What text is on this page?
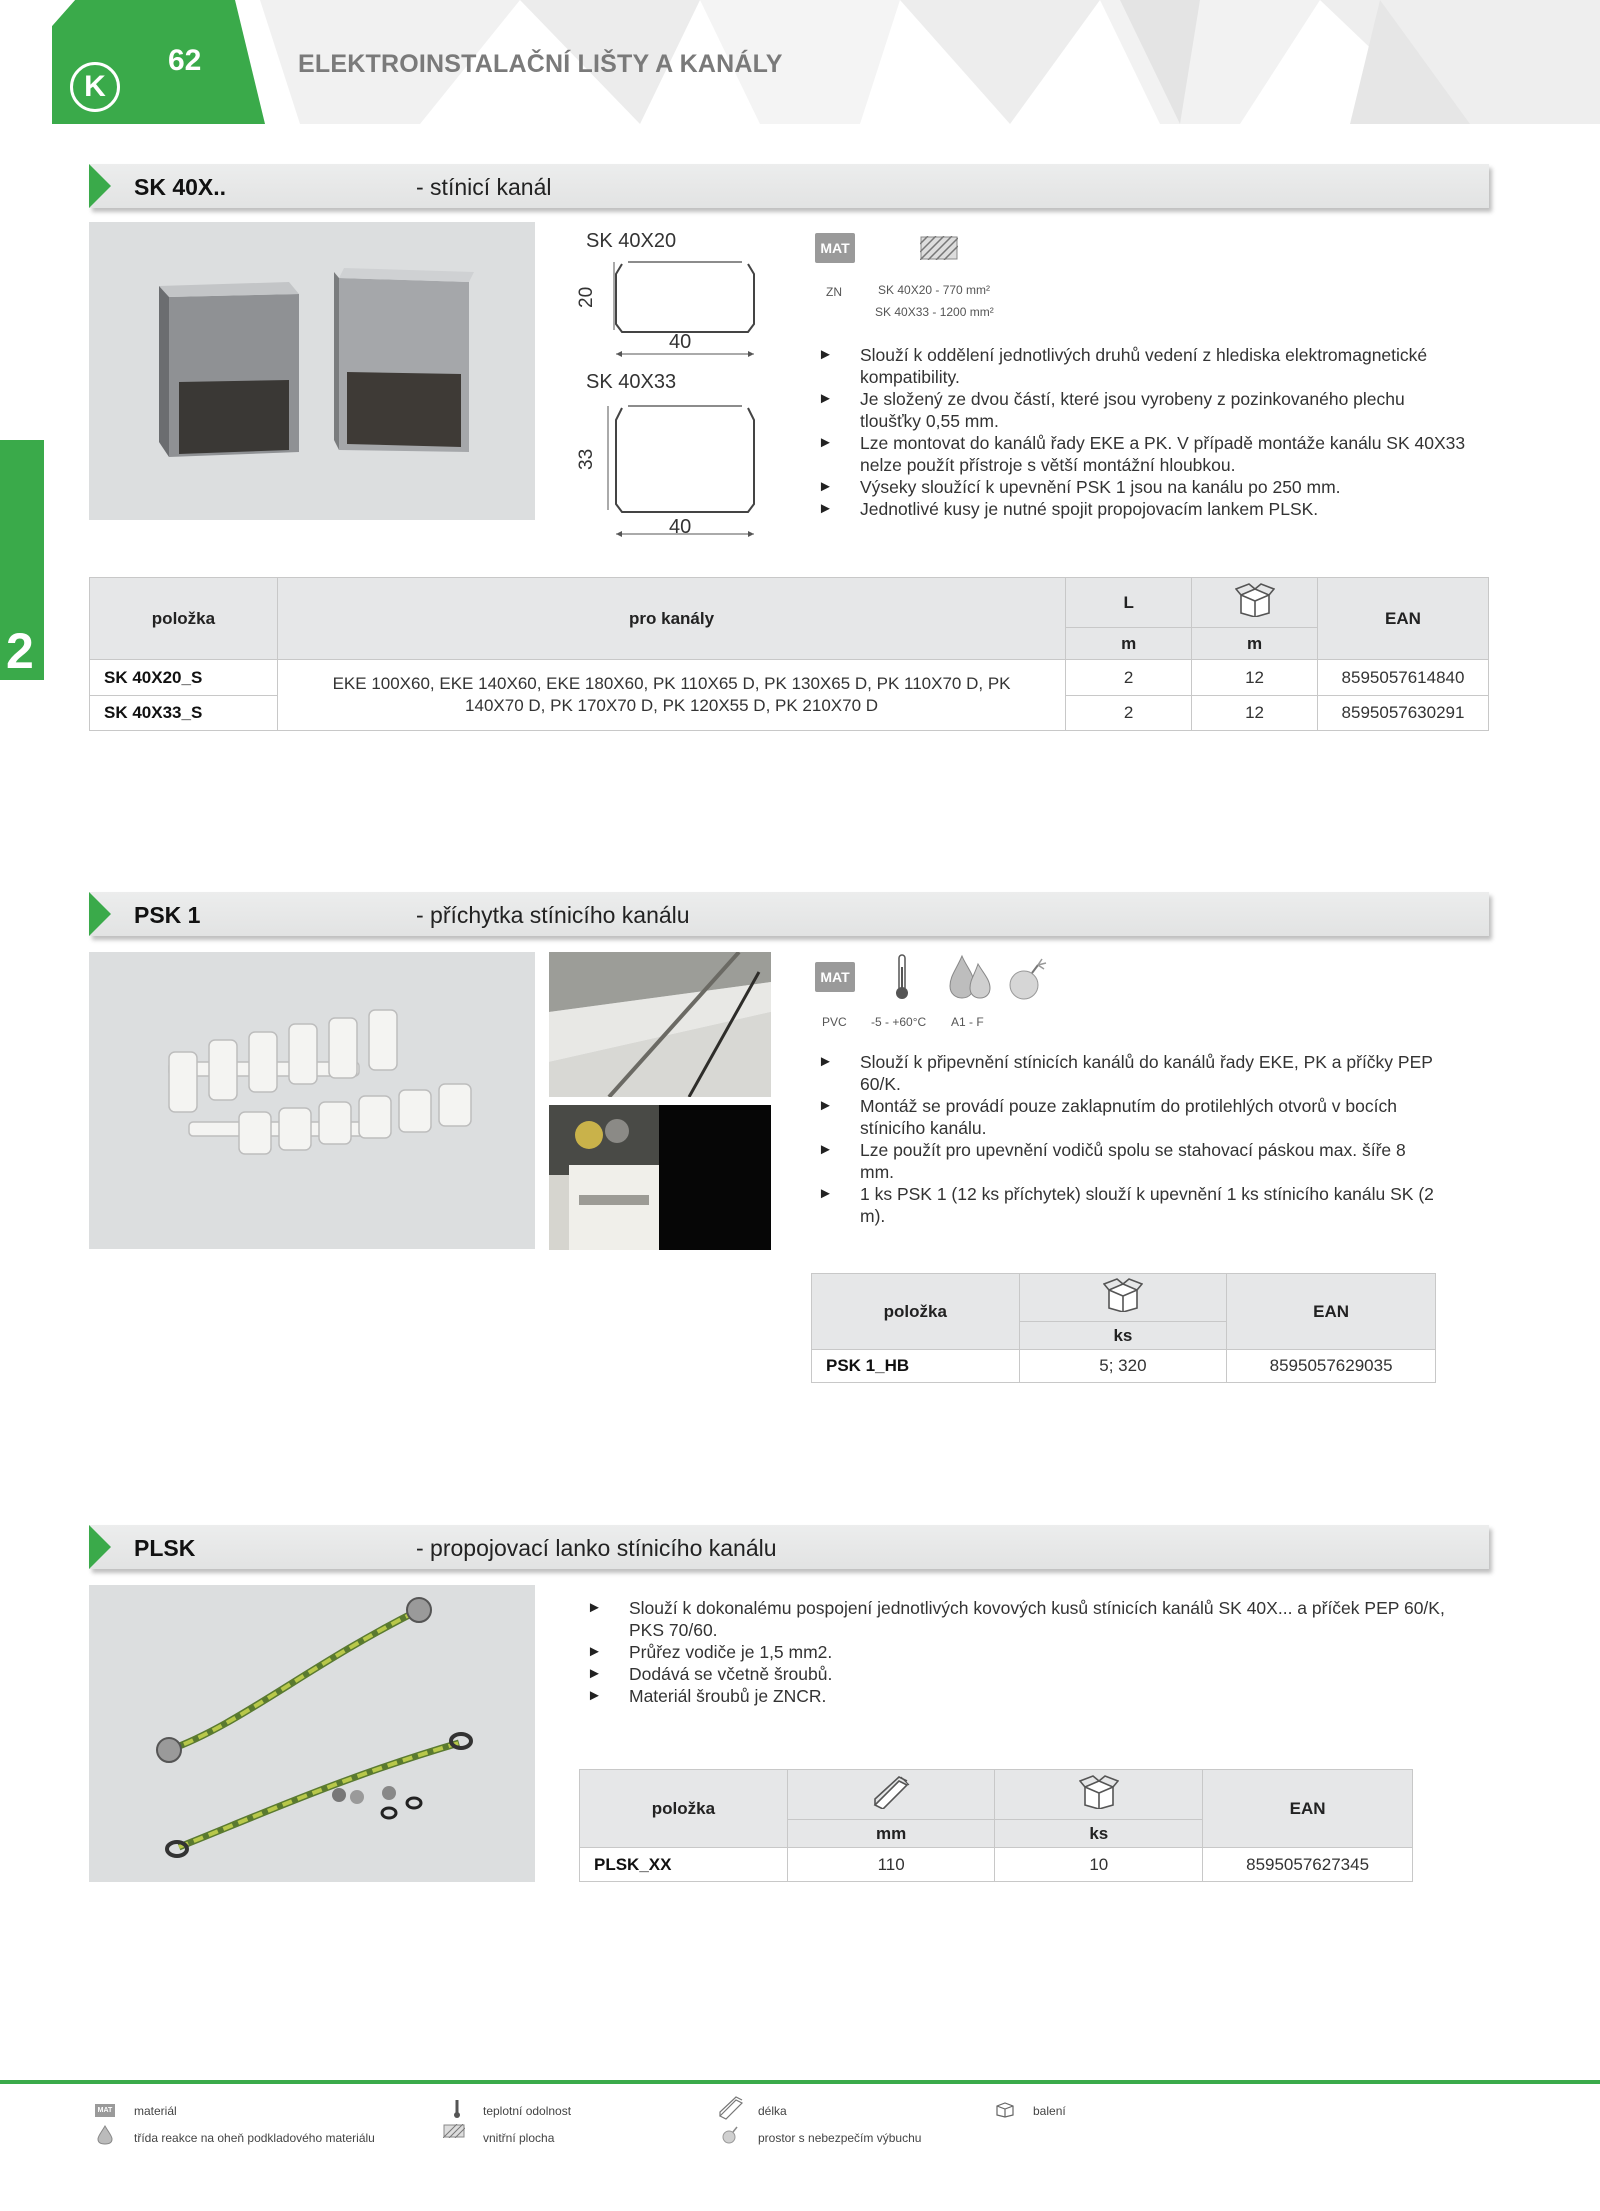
K
62	ELEKTROINSTALAČNÍ LIŠTY A KANÁLY
2
SK 40X..	- stínicí kanál
SK 40X20
20
40
SK 40X33
33
40
MAT
ZN	SK 40X20 - 770 mm²
SK 40X33 - 1200 mm²
► Slouží k oddělení jednotlivých druhů vedení z hlediska elektromagnetické kompatibility.
► Je složený ze dvou částí, které jsou vyrobeny z pozinkovaného plechu tloušťky 0,55 mm.
► Lze montovat do kanálů řady EKE a PK. V případě montáže kanálu SK 40X33 nelze použít přístroje s větší montážní hloubkou.
► Výseky sloužící k upevnění PSK 1 jsou na kanálu po 250 mm.
► Jednotlivé kusy je nutné spojit propojovacím lankem PLSK.
položka	pro kanály	L		EAN
		m	m	
SK 40X20_S	EKE 100X60, EKE 140X60, EKE 180X60, PK 110X65 D, PK 130X65 D, PK 110X70 D, PK 140X70 D, PK 170X70 D, PK 120X55 D, PK 210X70 D	2	12	8595057614840
SK 40X33_S		2	12	8595057630291
PSK 1	- příchytka stínicího kanálu
MAT
PVC -5 - +60°C A1 - F
► Slouží k připevnění stínicích kanálů do kanálů řady EKE, PK a příčky PEP 60/K.
► Montáž se provádí pouze zaklapnutím do protilehlých otvorů v bocích stínicího kanálu.
► Lze použít pro upevnění vodičů spolu se stahovací páskou max. šíře 8 mm.
► 1 ks PSK 1 (12 ks příchytek) slouží k upevnění 1 ks stínicího kanálu SK (2 m).
položka		EAN
	ks	
PSK 1_HB	5; 320	8595057629035
PLSK	- propojovací lanko stínicího kanálu
► Slouží k dokonalému pospojení jednotlivých kovových kusů stínicích kanálů SK 40X... a příček PEP 60/K, PKS 70/60.
► Průřez vodiče je 1,5 mm2.
► Dodává se včetně šroubů.
► Materiál šroubů je ZNCR.
položka			EAN
	mm	ks	
PLSK_XX	110	10	8595057627345
MAT materiál
třída reakce na oheň podkladového materiálu
teplotní odolnost
vnitřní plocha
délka
prostor s nebezpečím výbuchu
balení
